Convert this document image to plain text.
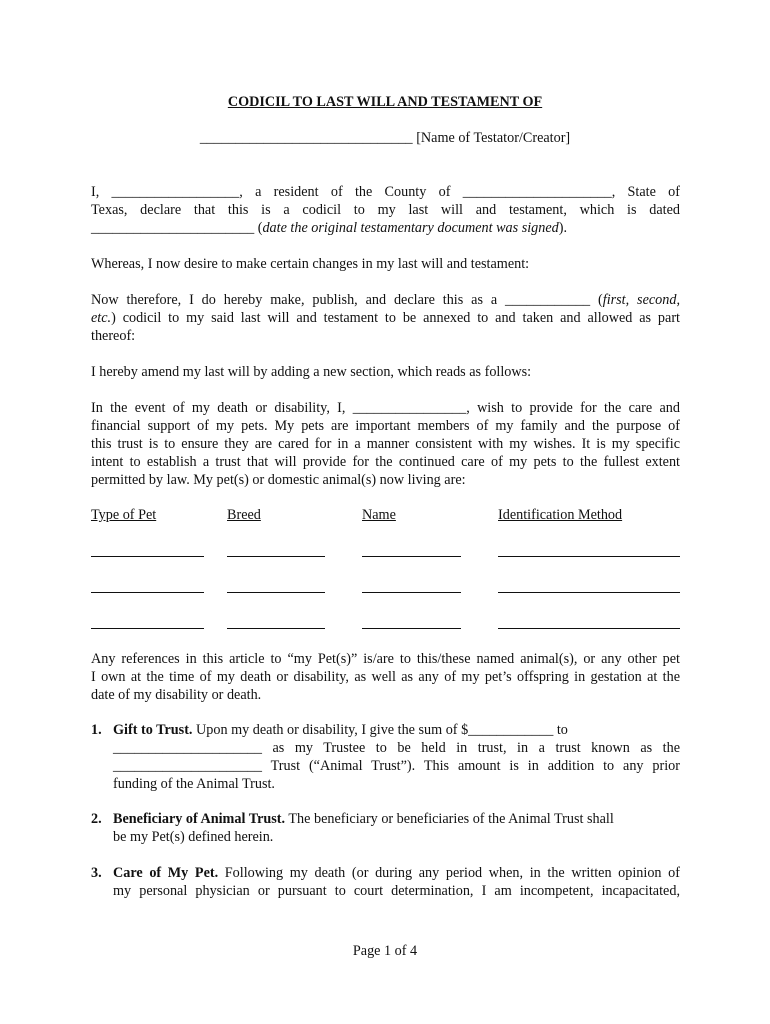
CODICIL TO LAST WILL AND TESTAMENT OF
______________________________ [Name of Testator/Creator]
I, __________________, a resident of the County of _____________________, State of
Texas, declare that this is a codicil to my last will and testament, which is dated
_______________________ (date the original testamentary document was signed).
Whereas, I now desire to make certain changes in my last will and testament:
Now therefore, I do hereby make, publish, and declare this as a ____________ (first, second,
etc.) codicil to my said last will and testament to be annexed to and taken and allowed as part
thereof:
I hereby amend my last will by adding a new section, which reads as follows:
In the event of my death or disability, I, ________________, wish to provide for the care and
financial support of my pets. My pets are important members of my family and the purpose of
this trust is to ensure they are cared for in a manner consistent with my wishes. It is my specific
intent to establish a trust that will provide for the continued care of my pets to the fullest extent
permitted by law. My pet(s) or domestic animal(s) now living are:
Type of Pet	Breed	Name	Identification Method
Any references in this article to “my Pet(s)” is/are to this/these named animal(s), or any other pet
I own at the time of my death or disability, as well as any of my pet’s offspring in gestation at the
date of my disability or death.
1. Gift to Trust. Upon my death or disability, I give the sum of $____________ to
_____________________ as my Trustee to be held in trust, in a trust known as the
_____________________ Trust (“Animal Trust”). This amount is in addition to any prior
funding of the Animal Trust.
2. Beneficiary of Animal Trust. The beneficiary or beneficiaries of the Animal Trust shall
be my Pet(s) defined herein.
3. Care of My Pet. Following my death (or during any period when, in the written opinion of
my personal physician or pursuant to court determination, I am incompetent, incapacitated,
Page 1 of 4
